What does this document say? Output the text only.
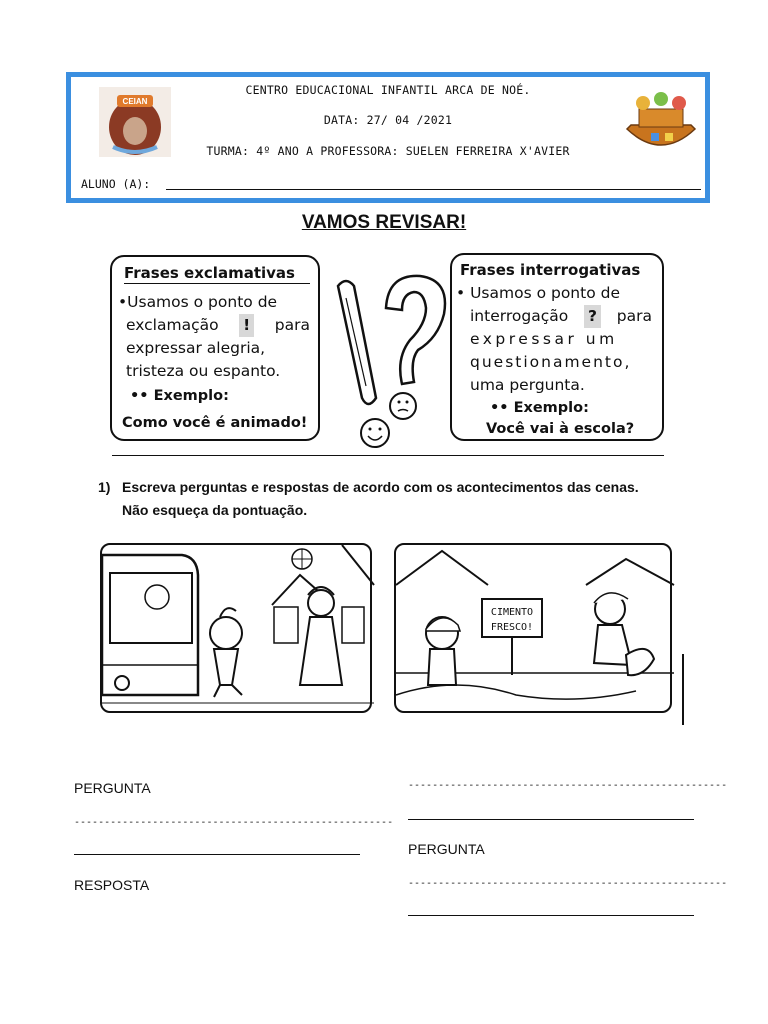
CENTRO EDUCACIONAL INFANTIL ARCA DE NOÉ.
DATA: 27/ 04 /2021
TURMA: 4º ANO A PROFESSORA: SUELEN FERREIRA X'AVIER
CEIAN
ALUNO (A):
VAMOS REVISAR!
Frases exclamativas
•Usamos o ponto de
exclamação ! para
expressar alegria,
tristeza ou espanto.
•• Exemplo:
Como você é animado!
Frases interrogativas
• Usamos o ponto de
interrogação ? para
expressar um
questionamento,
uma pergunta.
•• Exemplo:
Você vai à escola?
1) Escreva perguntas e respostas de acordo com os acontecimentos das cenas.
Não esqueça da pontuação.
CIMENTO
FRESCO!
PERGUNTA
-----------------------------------------------------
RESPOSTA
-----------------------------------------------------
PERGUNTA
-----------------------------------------------------
